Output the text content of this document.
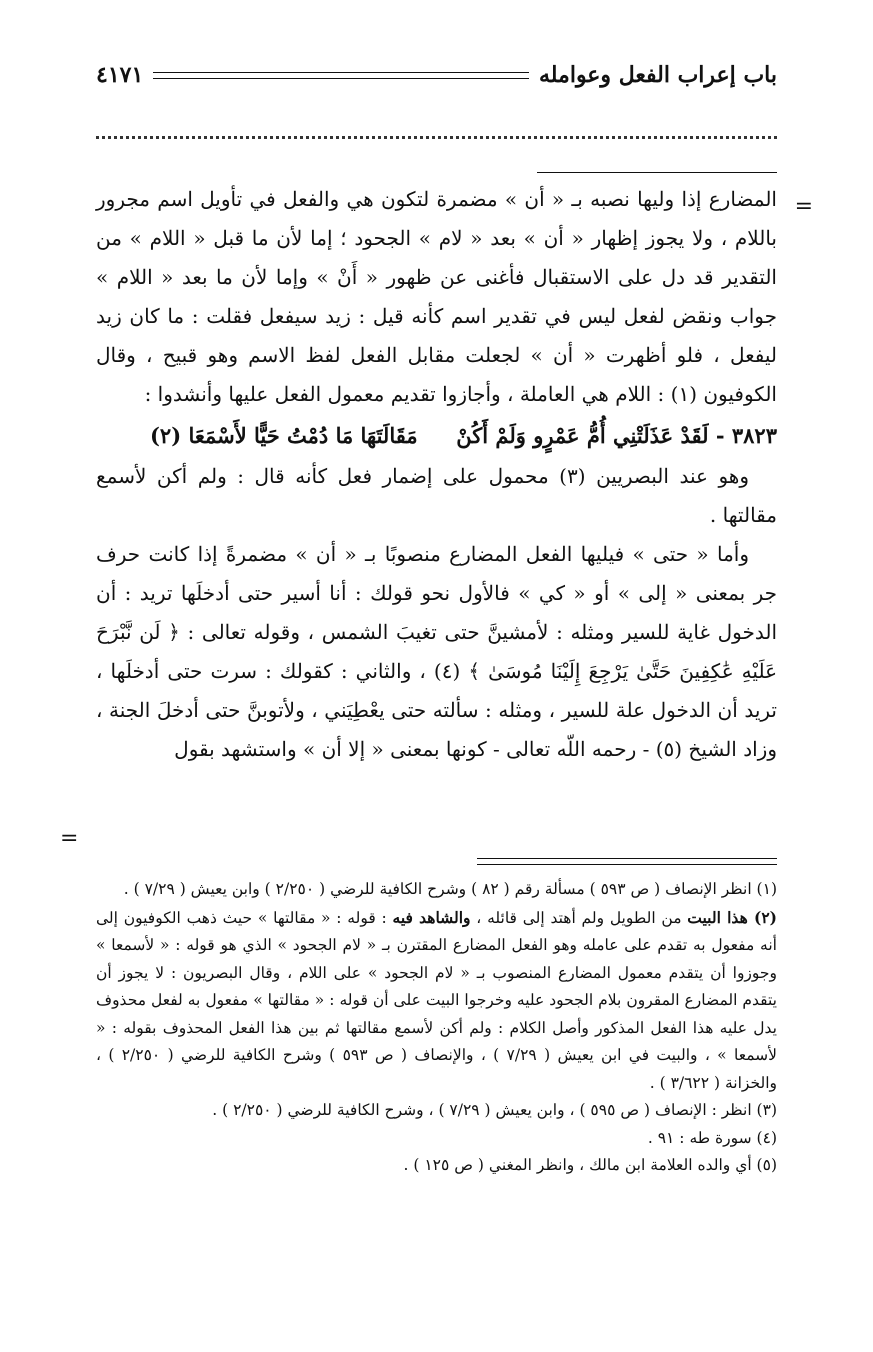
باب إعراب الفعل وعوامله
٤١٧١
=

المضارع إذا وليها نصبه بـ « أن » مضمرة لتكون هي والفعل في تأويل اسم مجرور باللام ، ولا يجوز إظهار « أن » بعد « لام » الجحود ؛ إما لأن ما قبل « اللام » من التقدير قد دل على الاستقبال فأغنى عن ظهور « أَنْ » وإما لأن ما بعد « اللام » جواب ونقض لفعل ليس في تقدير اسم كأنه قيل : زيد سيفعل فقلت : ما كان زيد ليفعل ، فلو أظهرت « أن » لجعلت مقابل الفعل لفظ الاسم وهو قبيح ، وقال الكوفيون (١) : اللام هي العاملة ، وأجازوا تقديم معمول الفعل عليها وأنشدوا :

٣٨٢٣ - لَقَدْ عَذَلَتْنِي أُمُّ عَمْرٍو وَلَمْ أَكُنْ  مَقَالَتَهَا مَا دُمْتُ حَيًّا لأَسْمَعَا (٢)

وهو عند البصريين (٣) محمول على إضمار فعل كأنه قال : ولم أكن لأسمع مقالتها .

وأما « حتى » فيليها الفعل المضارع منصوبًا بـ « أن » مضمرةً إذا كانت حرف جر بمعنى « إلى » أو « كي » فالأول نحو قولك : أنا أسير حتى أدخلَها تريد : أن الدخول غاية للسير ومثله : لأمشينَّ حتى تغيبَ الشمس ، وقوله تعالى : ﴿ لَن نَّبْرَحَ عَلَيْهِ عَٰكِفِينَ حَتَّىٰ يَرْجِعَ إِلَيْنَا مُوسَىٰ ﴾ (٤) ، والثاني : كقولك : سرت حتى أدخلَها ، تريد أن الدخول علة للسير ، ومثله : سألته حتى يعْطِيَني ، ولأتوبنَّ حتى أدخلَ الجنة ، وزاد الشيخ (٥) - رحمه اللّه تعالى - كونها بمعنى « إلا أن » واستشهد بقول

=

(١) انظر الإنصاف ( ص ٥٩٣ ) مسألة رقم ( ٨٢ ) وشرح الكافية للرضي ( ٢/٢٥٠ ) وابن يعيش ( ٧/٢٩ ) .

(٢) هذا البيت من الطويل ولم أهتد إلى قائله ، والشاهد فيه : قوله : « مقالتها » حيث ذهب الكوفيون إلى أنه مفعول به تقدم على عامله وهو الفعل المضارع المقترن بـ « لام الجحود » الذي هو قوله : « لأسمعا » وجوزوا أن يتقدم معمول المضارع المنصوب بـ « لام الجحود » على اللام ، وقال البصريون : لا يجوز أن يتقدم المضارع المقرون بلام الجحود عليه وخرجوا البيت على أن قوله : « مقالتها » مفعول به لفعل محذوف يدل عليه هذا الفعل المذكور وأصل الكلام : ولم أكن لأسمع مقالتها ثم بين هذا الفعل المحذوف بقوله : « لأسمعا » ، والبيت في ابن يعيش ( ٧/٢٩ ) ، والإنصاف ( ص ٥٩٣ ) وشرح الكافية للرضي ( ٢/٢٥٠ ) ، والخزانة ( ٣/٦٢٢ ) .

(٣) انظر : الإنصاف ( ص ٥٩٥ ) ، وابن يعيش ( ٧/٢٩ ) ، وشرح الكافية للرضي ( ٢/٢٥٠ ) .

(٤) سورة طه : ٩١ .

(٥) أي والده العلامة ابن مالك ، وانظر المغني ( ص ١٢٥ ) .
